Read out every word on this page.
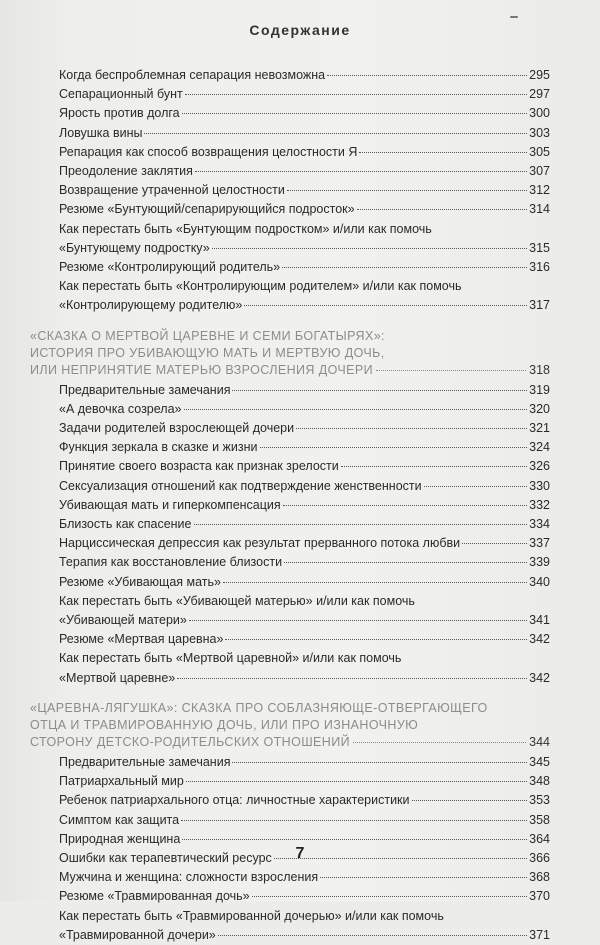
Содержание
Когда беспроблемная сепарация невозможна	295
Сепарационный бунт	297
Ярость против долга	300
Ловушка вины	303
Репарация как способ возвращения целостности Я	305
Преодоление заклятия	307
Возвращение утраченной целостности	312
Резюме «Бунтующий/сепарирующийся подросток»	314
Как перестать быть «Бунтующим подростком» и/или как помочь
«Бунтующему подростку»	315
Резюме «Контролирующий родитель»	316
Как перестать быть «Контролирующим родителем» и/или как помочь
«Контролирующему родителю»	317
«СКАЗКА О МЕРТВОЙ ЦАРЕВНЕ И СЕМИ БОГАТЫРЯХ»:
ИСТОРИЯ ПРО УБИВАЮЩУЮ МАТЬ И МЕРТВУЮ ДОЧЬ,
ИЛИ НЕПРИНЯТИЕ МАТЕРЬЮ ВЗРОСЛЕНИЯ ДОЧЕРИ	318
Предварительные замечания	319
«А девочка созрела»	320
Задачи родителей взрослеющей дочери	321
Функция зеркала в сказке и жизни	324
Принятие своего возраста как признак зрелости	326
Сексуализация отношений как подтверждение женственности	330
Убивающая мать и гиперкомпенсация	332
Близость как спасение	334
Нарциссическая депрессия как результат прерванного потока любви	337
Терапия как восстановление близости	339
Резюме «Убивающая мать»	340
Как перестать быть «Убивающей матерью» и/или как помочь
«Убивающей матери»	341
Резюме «Мертвая царевна»	342
Как перестать быть «Мертвой царевной» и/или как помочь
«Мертвой царевне»	342
«ЦАРЕВНА-ЛЯГУШКА»: СКАЗКА ПРО СОБЛАЗНЯЮЩЕ-ОТВЕРГАЮЩЕГО
ОТЦА И ТРАВМИРОВАННУЮ ДОЧЬ, ИЛИ ПРО ИЗНАНОЧНУЮ
СТОРОНУ ДЕТСКО-РОДИТЕЛЬСКИХ ОТНОШЕНИЙ	344
Предварительные замечания	345
Патриархальный мир	348
Ребенок патриархального отца: личностные характеристики	353
Симптом как защита	358
Природная женщина	364
Ошибки как терапевтический ресурс	366
Мужчина и женщина: сложности взросления	368
Резюме «Травмированная дочь»	370
Как перестать быть «Травмированной дочерью» и/или как помочь
«Травмированной дочери»	371
7
